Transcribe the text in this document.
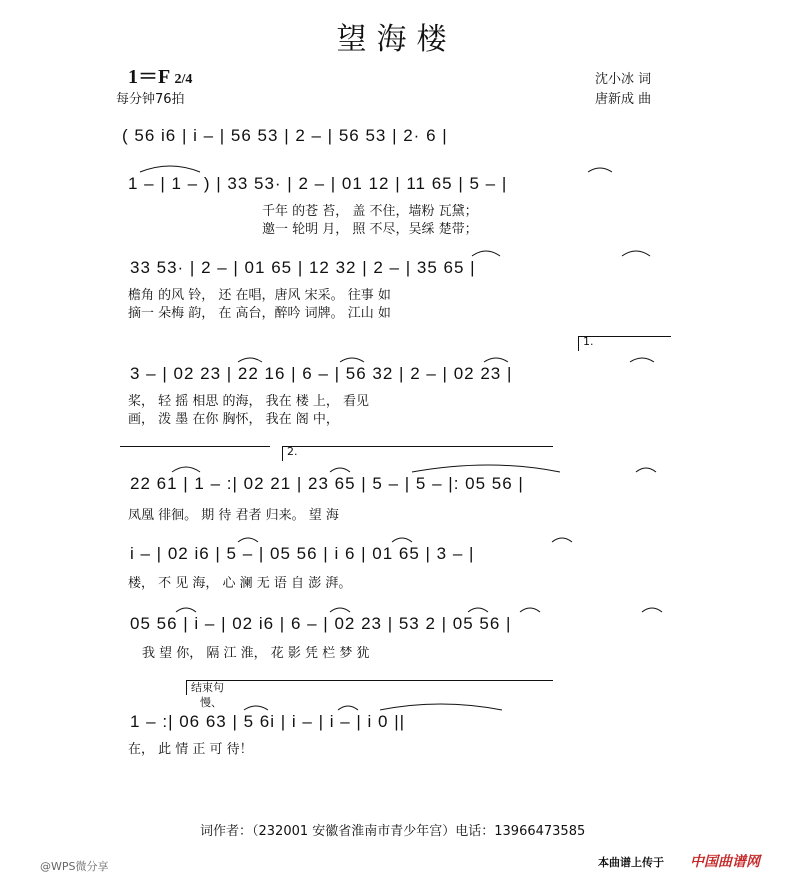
望海楼
1＝F 2/4
每分钟76拍
沈小冰 词
唐新成 曲
( 56 i6 | i – | 56 53 | 2 – | 56 53 | 2· 6 |
1 – | 1 – ) | 33 53· | 2 – | 01 12 | 11 65 | 5 – |
千年 的苍 苔， 盖 不住，墙粉 瓦黛；
邀一 轮明 月， 照 不尽，吴䌽 楚带；
33 53· | 2 – | 01 65 | 12 32 | 2 – | 35 65 |
檐角 的风 铃， 还 在唱，唐风 宋采。 往事 如
摘一 朵梅 韵， 在 高台，醉吟 词牌。 江山 如
1.
3 – | 02 23 | 22 16 | 6 – | 56 32 | 2 – | 02 23 |
桨， 轻 摇 相思 的海， 我在 楼 上， 看见
画， 泼 墨 在你 胸怀， 我在 阁 中，
2.
22 61 | 1 – :| 02 21 | 23 65 | 5 – | 5 – |: 05 56 |
凤凰 徘徊。 期 待 君者 归来。 望 海
i – | 02 i6 | 5 – | 05 56 | i 6 | 01 65 | 3 – |
楼， 不 见 海， 心 澜 无 语 自 澎 湃。
05 56 | i – | 02 i6 | 6 – | 02 23 | 53 2 | 05 56 |
我 望 你， 隔 江 淮， 花 影 凭 栏 梦 犹
结束句
慢、
1 – :| 06 63 | 5 6i | i – | i – | i 0 ||
在， 此 情 正 可 待！
词作者：（232001 安徽省淮南市青少年宫）电话：13966473585
@WPS微分享	本曲谱上传于 中国曲谱网
